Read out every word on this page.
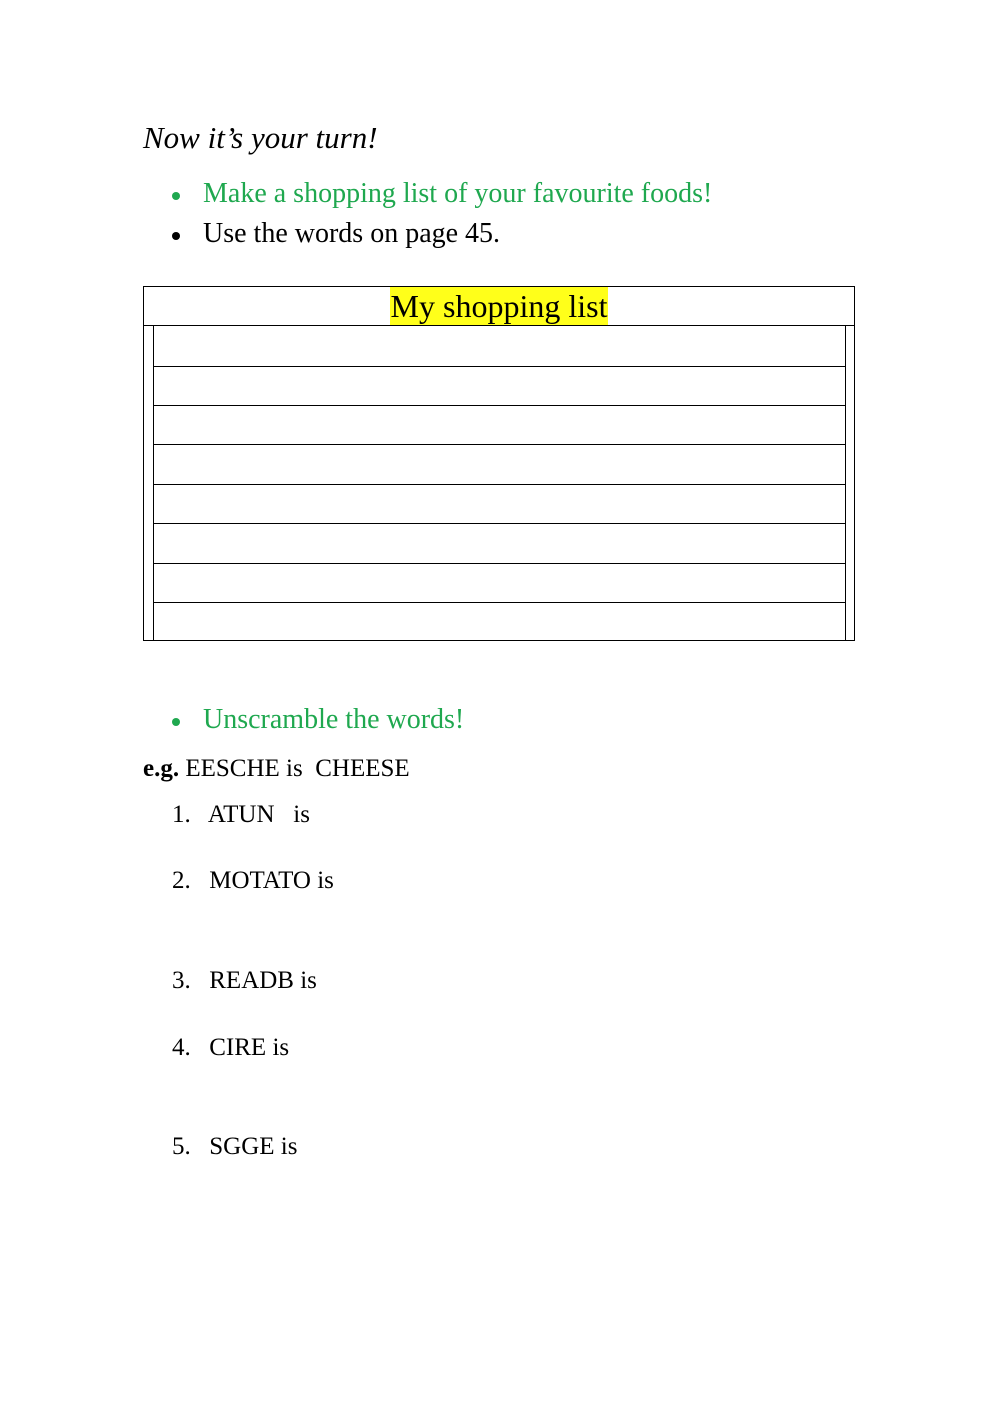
Now it’s your turn!
Make a shopping list of your favourite foods!
Use the words on page 45.
My shopping list
Unscramble the words!
e.g. EESCHE is  CHEESE
1. ATUN   is
2. MOTATO is
3. READB is
4. CIRE is
5. SGGE is
